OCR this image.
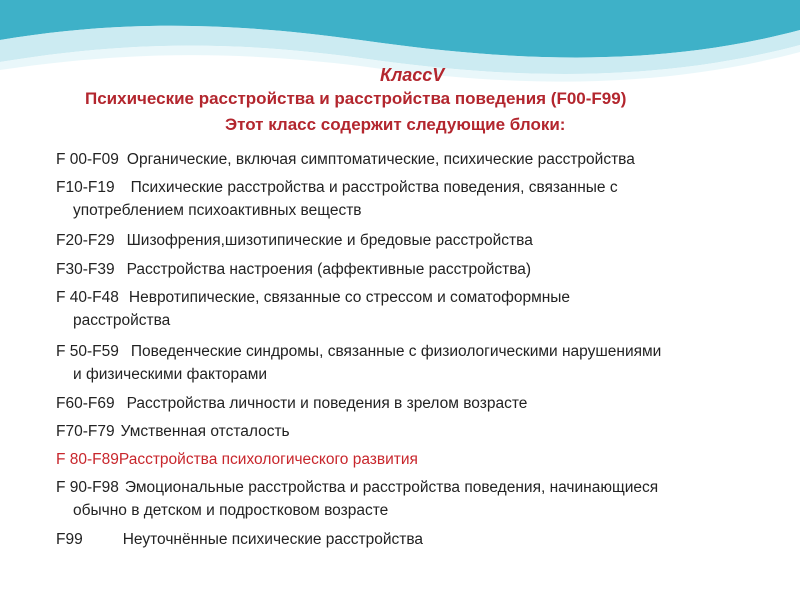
КлассV
Психические расстройства и расстройства поведения (F00-F99)
Этот класс содержит следующие блоки:
F 00-F09 Органические, включая симптоматические, психические расстройства
F10-F19 Психические расстройства и расстройства поведения, связанные с
употреблением психоактивных веществ
F20-F29 Шизофрения,шизотипические и бредовые расстройства
F30-F39 Расстройства настроения (аффективные расстройства)
F 40-F48 Невротипические, связанные со стрессом и соматоформные
расстройства
F 50-F59 Поведенческие синдромы, связанные с физиологическими нарушениями
и физическими факторами
F60-F69 Расстройства личности и поведения в зрелом возрасте
F70-F79 Умственная отсталость
F 80-F89Расстройства психологического развития
F 90-F98 Эмоциональные расстройства и расстройства поведения, начинающиеся
обычно в детском и подростковом возрасте
F99	Неуточнённые психические расстройства
